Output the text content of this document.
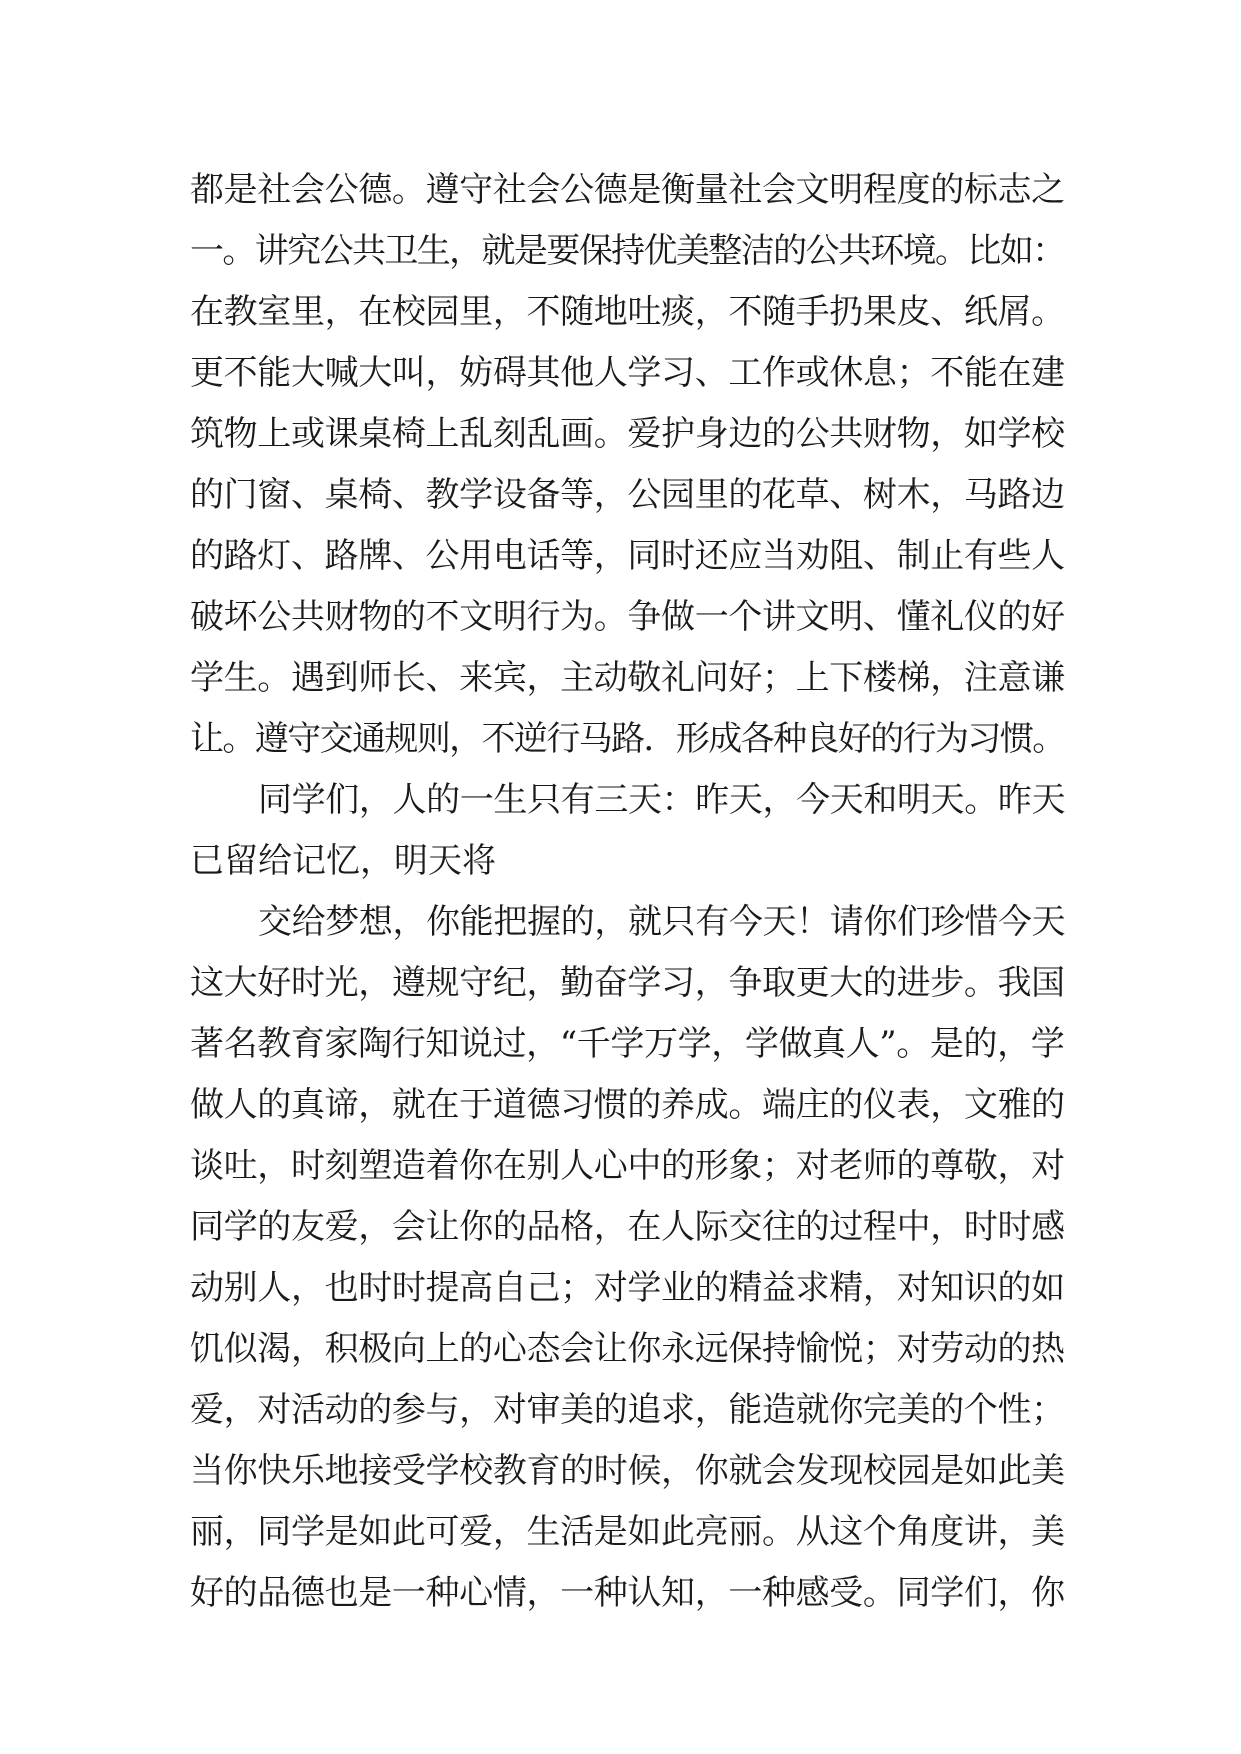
都是社会公德。遵守社会公德是衡量社会文明程度的标志之
一。讲究公共卫生，就是要保持优美整洁的公共环境。比如：
在教室里，在校园里，不随地吐痰，不随手扔果皮、纸屑。
更不能大喊大叫，妨碍其他人学习、工作或休息；不能在建
筑物上或课桌椅上乱刻乱画。爱护身边的公共财物，如学校
的门窗、桌椅、教学设备等，公园里的花草、树木，马路边
的路灯、路牌、公用电话等，同时还应当劝阻、制止有些人
破坏公共财物的不文明行为。争做一个讲文明、懂礼仪的好
学生。遇到师长、来宾，主动敬礼问好；上下楼梯，注意谦
让。遵守交通规则，不逆行马路．形成各种良好的行为习惯。
同学们，人的一生只有三天：昨天，今天和明天。昨天
已留给记忆，明天将
交给梦想，你能把握的，就只有今天！请你们珍惜今天
这大好时光，遵规守纪，勤奋学习，争取更大的进步。我国
著名教育家陶行知说过，“千学万学，学做真人”。是的，学
做人的真谛，就在于道德习惯的养成。端庄的仪表，文雅的
谈吐，时刻塑造着你在别人心中的形象；对老师的尊敬，对
同学的友爱，会让你的品格，在人际交往的过程中，时时感
动别人，也时时提高自己；对学业的精益求精，对知识的如
饥似渴，积极向上的心态会让你永远保持愉悦；对劳动的热
爱，对活动的参与，对审美的追求，能造就你完美的个性；
当你快乐地接受学校教育的时候，你就会发现校园是如此美
丽，同学是如此可爱，生活是如此亮丽。从这个角度讲，美
好的品德也是一种心情，一种认知，一种感受。同学们，你
